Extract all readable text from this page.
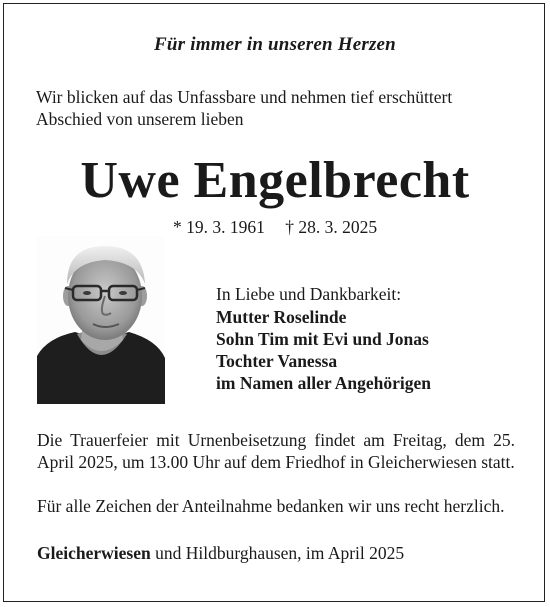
Für immer in unseren Herzen
Wir blicken auf das Unfassbare und nehmen tief erschüttert Abschied von unserem lieben
Uwe Engelbrecht
* 19. 3. 1961 † 28. 3. 2025
In Liebe und Dankbarkeit:
Mutter Roselinde
Sohn Tim mit Evi und Jonas
Tochter Vanessa
im Namen aller Angehörigen
Die Trauerfeier mit Urnenbeisetzung findet am Freitag, dem 25. April 2025, um 13.00 Uhr auf dem Friedhof in Gleicherwiesen statt.
Für alle Zeichen der Anteilnahme bedanken wir uns recht herzlich.
Gleicherwiesen und Hildburghausen, im April 2025
